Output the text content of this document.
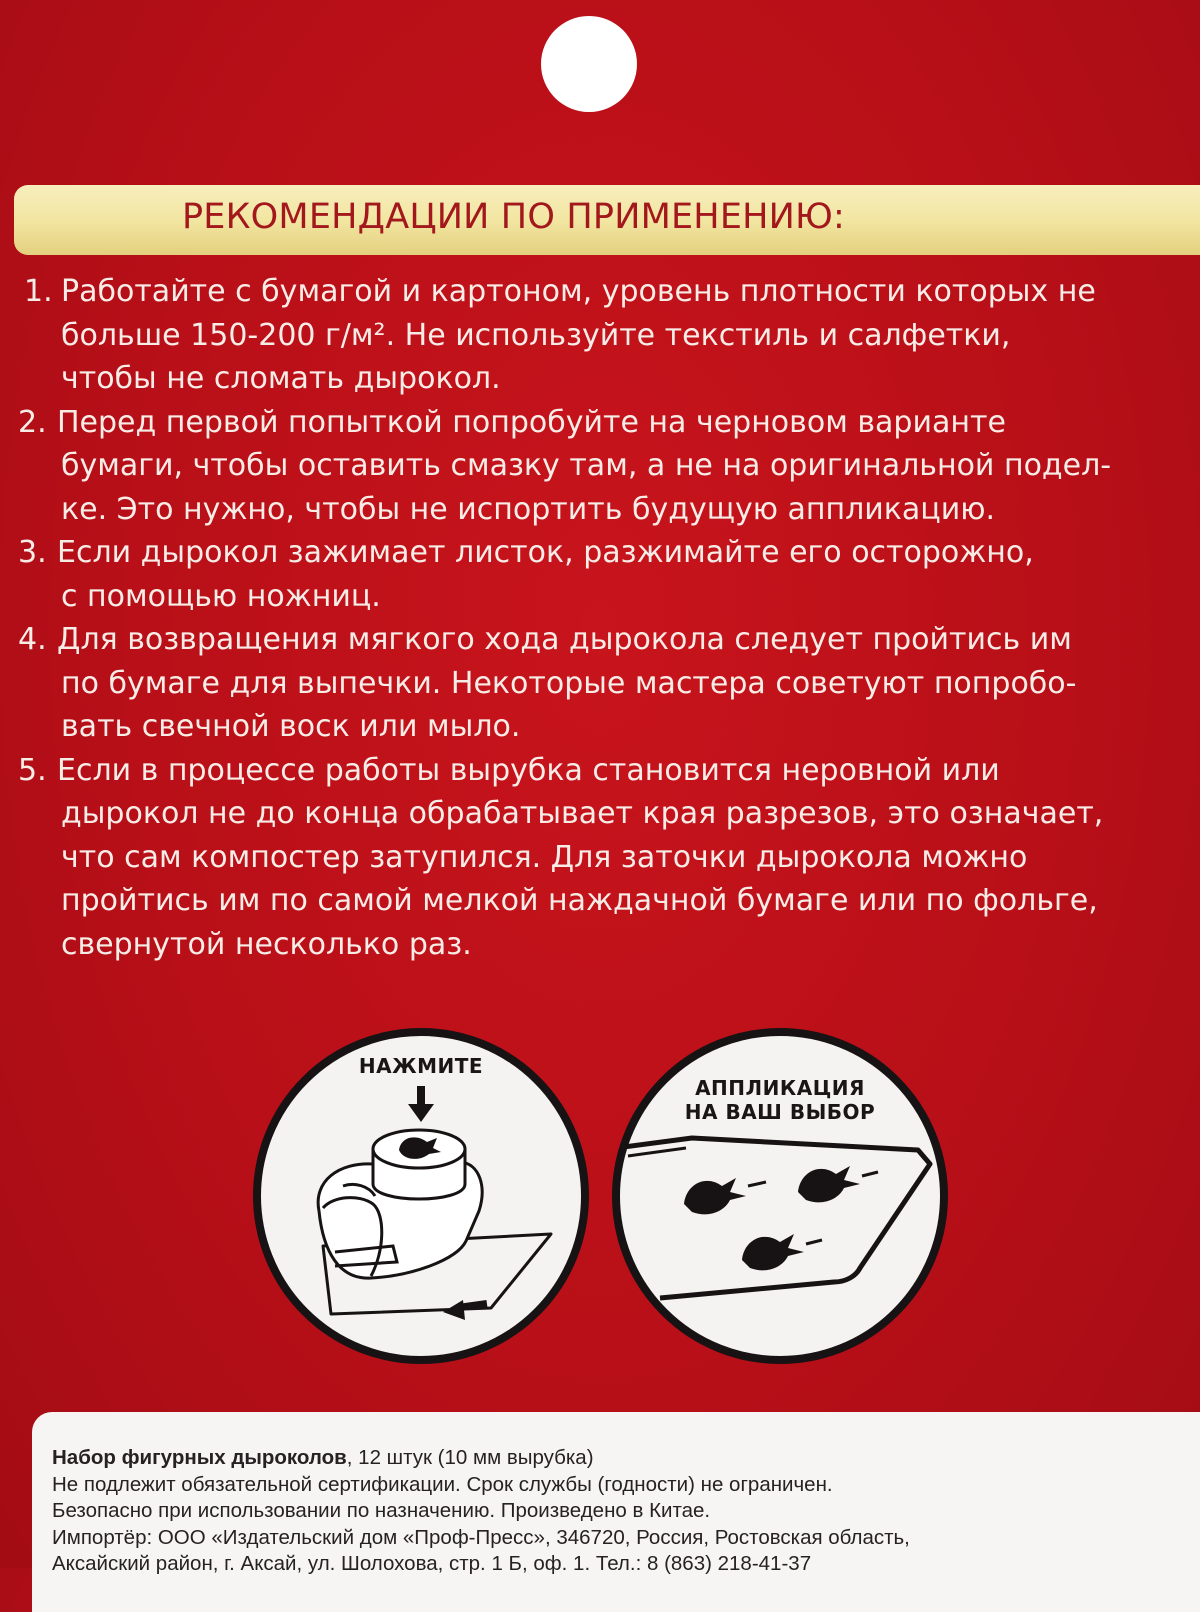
РЕКОМЕНДАЦИИ ПО ПРИМЕНЕНИЮ:
1. Работайте с бумагой и картоном, уровень плотности которых не
больше 150-200 г/м². Не используйте текстиль и салфетки,
чтобы не сломать дырокол.
2. Перед первой попыткой попробуйте на черновом варианте
бумаги, чтобы оставить смазку там, а не на оригинальной подел-
ке. Это нужно, чтобы не испортить будущую аппликацию.
3. Если дырокол зажимает листок, разжимайте его осторожно,
с помощью ножниц.
4. Для возвращения мягкого хода дырокола следует пройтись им
по бумаге для выпечки. Некоторые мастера советуют попробо-
вать свечной воск или мыло.
5. Если в процессе работы вырубка становится неровной или
дырокол не до конца обрабатывает края разрезов, это означает,
что сам компостер затупился. Для заточки дырокола можно
пройтись им по самой мелкой наждачной бумаге или по фольге,
свернутой несколько раз.
НАЖМИТЕ
АППЛИКАЦИЯ
НА ВАШ ВЫБОР
Набор фигурных дыроколов, 12 штук (10 мм вырубка)
Не подлежит обязательной сертификации. Срок службы (годности) не ограничен.
Безопасно при использовании по назначению. Произведено в Китае.
Импортёр: ООО «Издательский дом «Проф-Пресс», 346720, Россия, Ростовская область,
Аксайский район, г. Аксай, ул. Шолохова, стр. 1 Б, оф. 1. Тел.: 8 (863) 218-41-37
